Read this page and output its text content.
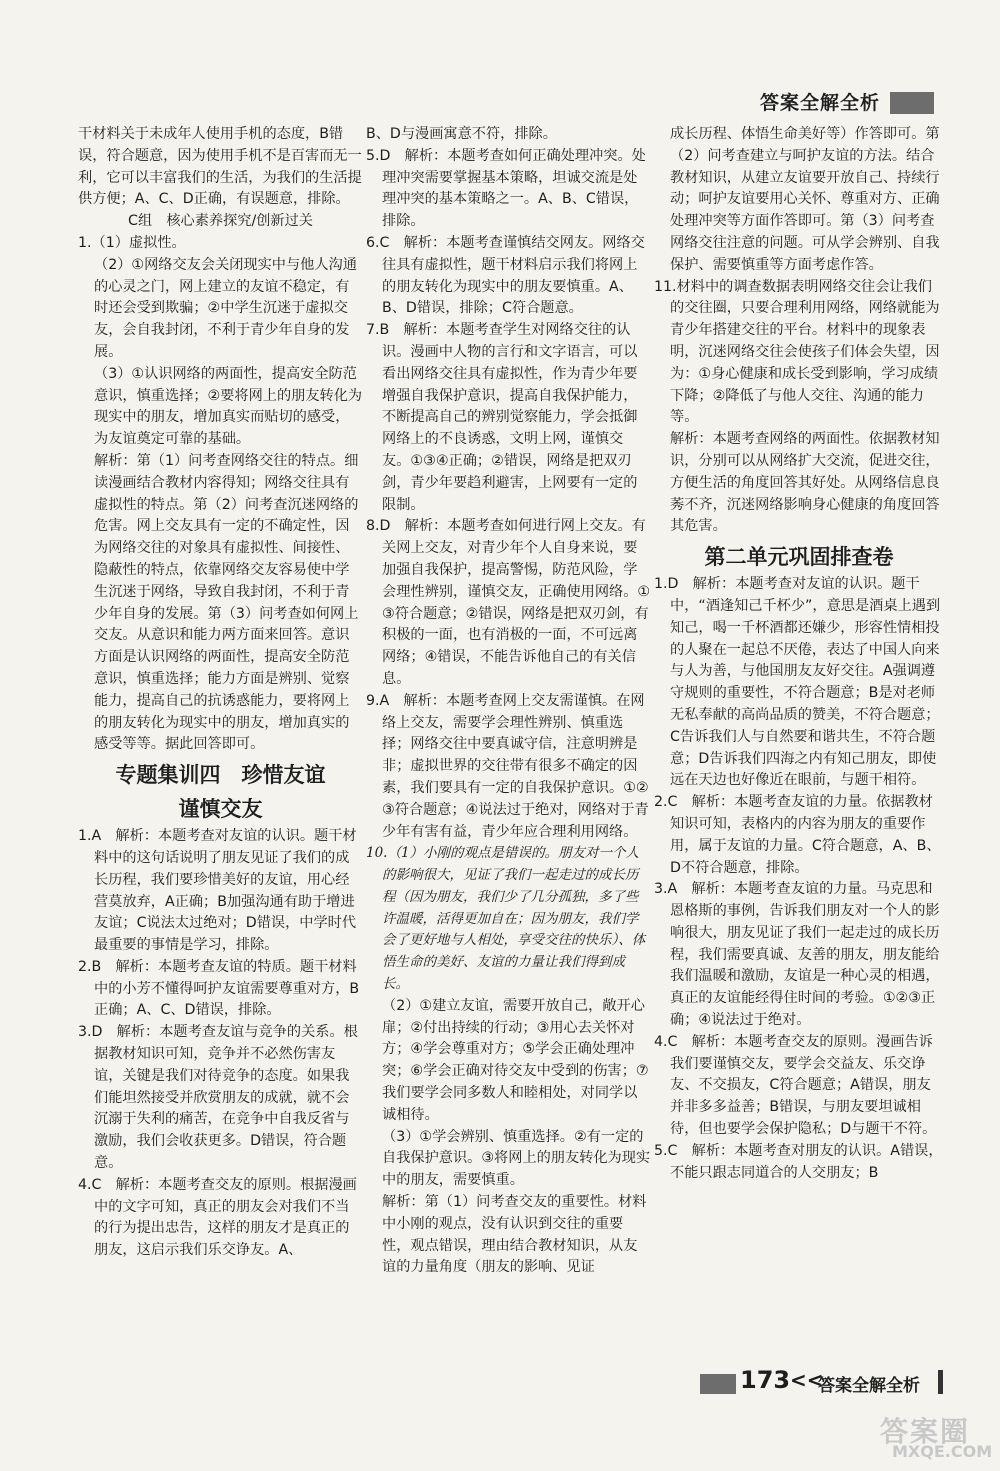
答案全解全析

干材料关于未成年人使用手机的态度，B错误，符合题意，因为使用手机不是百害而无一利，它可以丰富我们的生活，为我们的生活提供方便；A、C、D正确，有误题意，排除。

C组　核心素养探究/创新过关

1.（1）虚拟性。

（2）①网络交友会关闭现实中与他人沟通的心灵之门，网上建立的友谊不稳定，有时还会受到欺骗；②中学生沉迷于虚拟交友，会自我封闭，不利于青少年自身的发展。

（3）①认识网络的两面性，提高安全防范意识，慎重选择；②要将网上的朋友转化为现实中的朋友，增加真实而贴切的感受，为友谊奠定可靠的基础。

解析：第（1）问考查网络交往的特点。细读漫画结合教材内容得知；网络交往具有虚拟性的特点。第（2）问考查沉迷网络的危害。网上交友具有一定的不确定性，因为网络交往的对象具有虚拟性、间接性、隐蔽性的特点，依靠网络交友容易使中学生沉迷于网络，导致自我封闭，不利于青少年自身的发展。第（3）问考查如何网上交友。从意识和能力两方面来回答。意识方面是认识网络的两面性，提高安全防范意识，慎重选择；能力方面是辨别、觉察能力，提高自己的抗诱惑能力，要将网上的朋友转化为现实中的朋友，增加真实的感受等等。据此回答即可。

专题集训四　珍惜友谊
谨慎交友

1.A　解析：本题考查对友谊的认识。题干材料中的这句话说明了朋友见证了我们的成长历程，我们要珍惜美好的友谊，用心经营莫放弃，A正确；B加强沟通有助于增进友谊；C说法太过绝对；D错误，中学时代最重要的事情是学习，排除。

2.B　解析：本题考查友谊的特质。题干材料中的小芳不懂得呵护友谊需要尊重对方，B正确；A、C、D错误，排除。

3.D　解析：本题考查友谊与竞争的关系。根据教材知识可知，竞争并不必然伤害友谊，关键是我们对待竞争的态度。如果我们能坦然接受并欣赏朋友的成就，就不会沉溺于失利的痛苦，在竞争中自我反省与激励，我们会收获更多。D错误，符合题意。

4.C　解析：本题考查交友的原则。根据漫画中的文字可知，真正的朋友会对我们不当的行为提出忠告，这样的朋友才是真正的朋友，这启示我们乐交诤友。A、

B、D与漫画寓意不符，排除。

5.D　解析：本题考查如何正确处理冲突。处理冲突需要掌握基本策略，坦诚交流是处理冲突的基本策略之一。A、B、C错误，排除。

6.C　解析：本题考查谨慎结交网友。网络交往具有虚拟性，题干材料启示我们将网上的朋友转化为现实中的朋友要慎重。A、B、D错误，排除；C符合题意。

7.B　解析：本题考查学生对网络交往的认识。漫画中人物的言行和文字语言，可以看出网络交往具有虚拟性，作为青少年要增强自我保护意识，提高自我保护能力，不断提高自己的辨别觉察能力，学会抵御网络上的不良诱惑，文明上网，谨慎交友。①③④正确；②错误，网络是把双刃剑，青少年要趋利避害，上网要有一定的限制。

8.D　解析：本题考查如何进行网上交友。有关网上交友，对青少年个人自身来说，要加强自我保护，提高警惕，防范风险，学会理性辨别，谨慎交友，正确使用网络。①③符合题意；②错误，网络是把双刃剑，有积极的一面，也有消极的一面，不可远离网络；④错误，不能告诉他自己的有关信息。

9.A　解析：本题考查网上交友需谨慎。在网络上交友，需要学会理性辨别、慎重选择；网络交往中要真诚守信，注意明辨是非；虚拟世界的交往带有很多不确定的因素，我们要具有一定的自我保护意识。①②③符合题意；④说法过于绝对，网络对于青少年有害有益，青少年应合理利用网络。

10.（1）小刚的观点是错误的。朋友对一个人的影响很大，见证了我们一起走过的成长历程（因为朋友，我们少了几分孤独，多了些许温暖，活得更加自在；因为朋友，我们学会了更好地与人相处，享受交往的快乐）、体悟生命的美好、友谊的力量让我们得到成长。

（2）①建立友谊，需要开放自己，敞开心扉；②付出持续的行动；③用心去关怀对方；④学会尊重对方；⑤学会正确处理冲突；⑥学会正确对待交友中受到的伤害；⑦我们要学会同多数人和睦相处，对同学以诚相待。

（3）①学会辨别、慎重选择。②有一定的自我保护意识。③将网上的朋友转化为现实中的朋友，需要慎重。

解析：第（1）问考查交友的重要性。材料中小刚的观点，没有认识到交往的重要性，观点错误，理由结合教材知识，从友谊的力量角度（朋友的影响、见证

成长历程、体悟生命美好等）作答即可。第（2）问考查建立与呵护友谊的方法。结合教材知识，从建立友谊要开放自己、持续行动；呵护友谊要用心关怀、尊重对方、正确处理冲突等方面作答即可。第（3）问考查网络交往注意的问题。可从学会辨别、自我保护、需要慎重等方面考虑作答。

11.材料中的调查数据表明网络交往会让我们的交往圈，只要合理利用网络，网络就能为青少年搭建交往的平台。材料中的现象表明，沉迷网络交往会使孩子们体会失望，因为：①身心健康和成长受到影响，学习成绩下降；②降低了与他人交往、沟通的能力等。

解析：本题考查网络的两面性。依据教材知识，分别可以从网络扩大交流，促进交往，方便生活的角度回答其好处。从网络信息良莠不齐，沉迷网络影响身心健康的角度回答其危害。

第二单元巩固排查卷

1.D　解析：本题考查对友谊的认识。题干中，“酒逢知己千杯少”，意思是酒桌上遇到知己，喝一千杯酒都还嫌少，形容性情相投的人聚在一起总不厌倦，表达了中国人向来与人为善，与他国朋友友好交往。A强调遵守规则的重要性，不符合题意；B是对老师无私奉献的高尚品质的赞美，不符合题意；C告诉我们人与自然要和谐共生，不符合题意；D告诉我们四海之内有知己朋友，即使远在天边也好像近在眼前，与题干相符。

2.C　解析：本题考查友谊的力量。依据教材知识可知，表格内的内容为朋友的重要作用，属于友谊的力量。C符合题意，A、B、D不符合题意，排除。

3.A　解析：本题考查友谊的力量。马克思和恩格斯的事例，告诉我们朋友对一个人的影响很大，朋友见证了我们一起走过的成长历程，我们需要真诚、友善的朋友，朋友能给我们温暖和激励，友谊是一种心灵的相遇，真正的友谊能经得住时间的考验。①②③正确；④说法过于绝对。

4.C　解析：本题考查交友的原则。漫画告诉我们要谨慎交友，要学会交益友、乐交诤友、不交损友，C符合题意；A错误，朋友并非多多益善；B错误，与朋友要坦诚相待，但也要学会保护隐私；D与题干不符。

5.C　解析：本题考查对朋友的认识。A错误，不能只跟志同道合的人交朋友；B

173 <<
答案全解全析
答案圈
MXQE.COM
